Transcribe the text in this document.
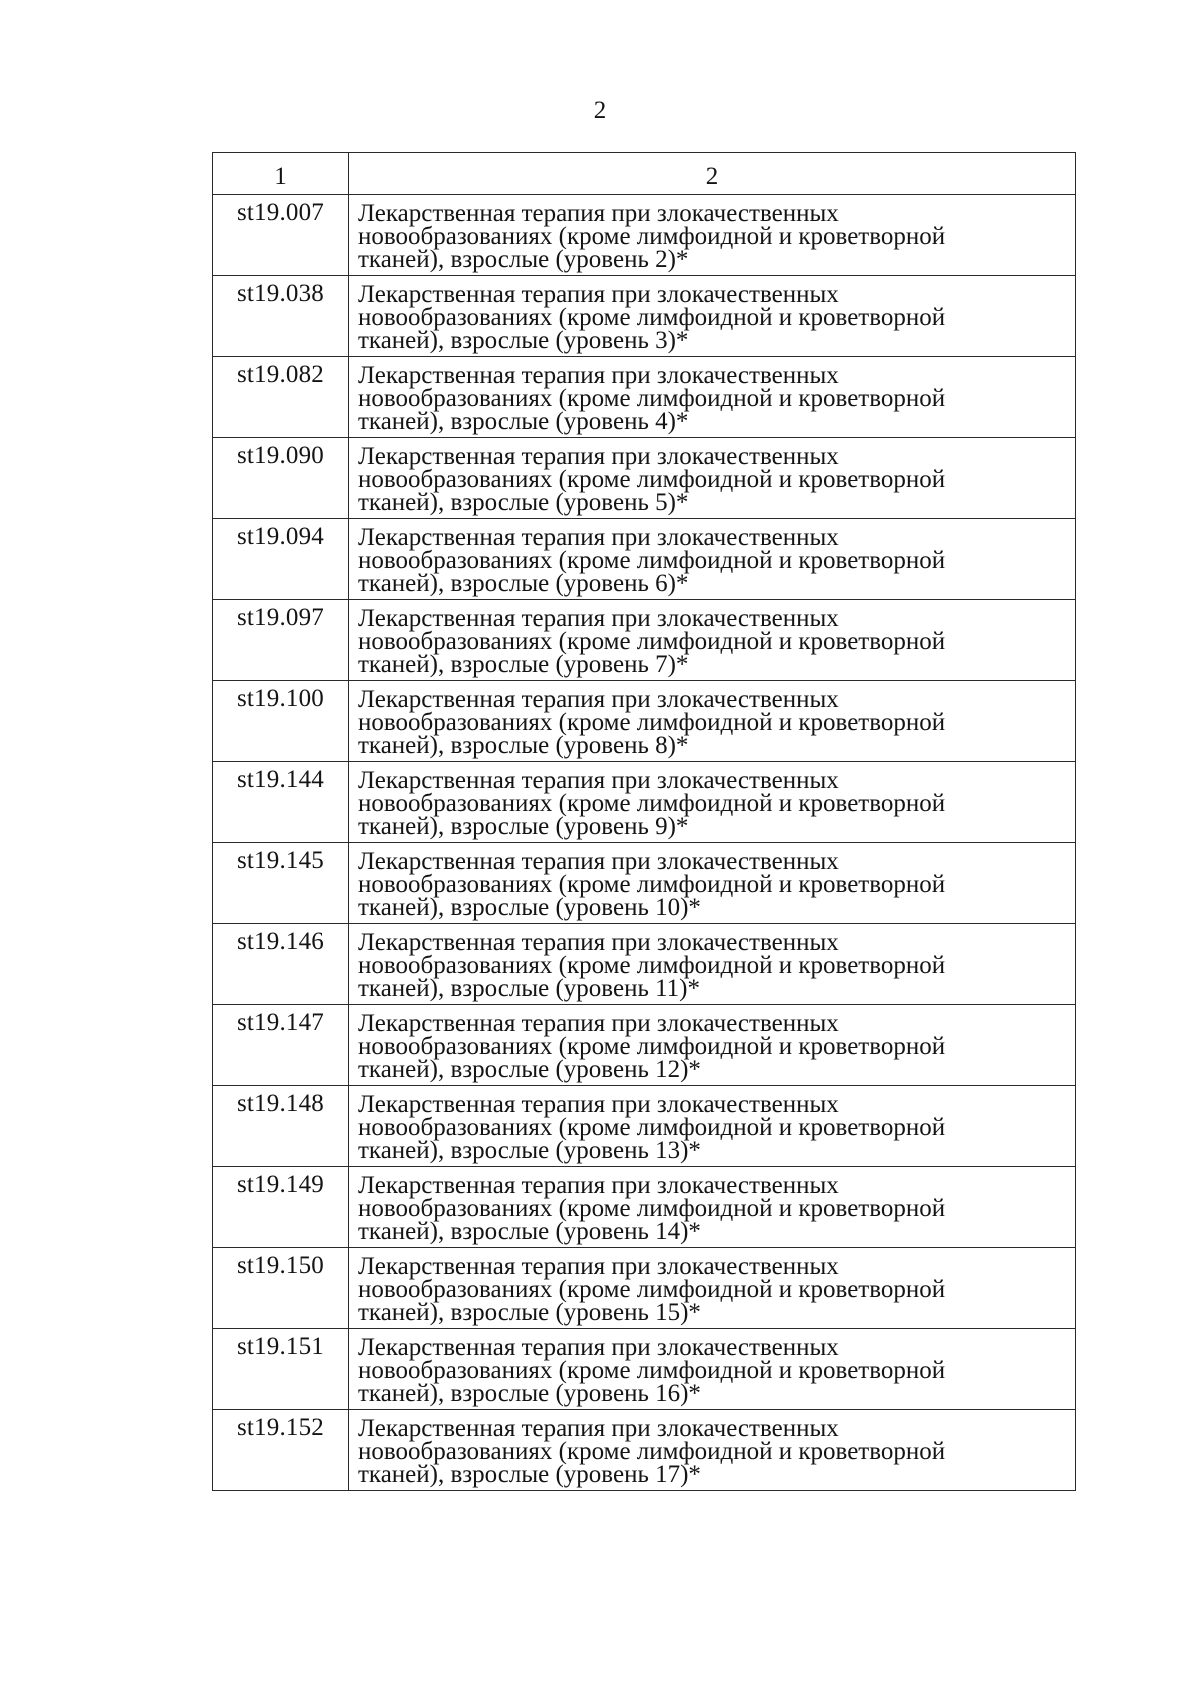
2
1	2
st19.007	Лекарственная терапия при злокачественных
новообразованиях (кроме лимфоидной и кроветворной
тканей), взрослые (уровень 2)*

st19.038	Лекарственная терапия при злокачественных
новообразованиях (кроме лимфоидной и кроветворной
тканей), взрослые (уровень 3)*

st19.082	Лекарственная терапия при злокачественных
новообразованиях (кроме лимфоидной и кроветворной
тканей), взрослые (уровень 4)*

st19.090	Лекарственная терапия при злокачественных
новообразованиях (кроме лимфоидной и кроветворной
тканей), взрослые (уровень 5)*

st19.094	Лекарственная терапия при злокачественных
новообразованиях (кроме лимфоидной и кроветворной
тканей), взрослые (уровень 6)*

st19.097	Лекарственная терапия при злокачественных
новообразованиях (кроме лимфоидной и кроветворной
тканей), взрослые (уровень 7)*

st19.100	Лекарственная терапия при злокачественных
новообразованиях (кроме лимфоидной и кроветворной
тканей), взрослые (уровень 8)*

st19.144	Лекарственная терапия при злокачественных
новообразованиях (кроме лимфоидной и кроветворной
тканей), взрослые (уровень 9)*

st19.145	Лекарственная терапия при злокачественных
новообразованиях (кроме лимфоидной и кроветворной
тканей), взрослые (уровень 10)*

st19.146	Лекарственная терапия при злокачественных
новообразованиях (кроме лимфоидной и кроветворной
тканей), взрослые (уровень 11)*

st19.147	Лекарственная терапия при злокачественных
новообразованиях (кроме лимфоидной и кроветворной
тканей), взрослые (уровень 12)*

st19.148	Лекарственная терапия при злокачественных
новообразованиях (кроме лимфоидной и кроветворной
тканей), взрослые (уровень 13)*

st19.149	Лекарственная терапия при злокачественных
новообразованиях (кроме лимфоидной и кроветворной
тканей), взрослые (уровень 14)*

st19.150	Лекарственная терапия при злокачественных
новообразованиях (кроме лимфоидной и кроветворной
тканей), взрослые (уровень 15)*

st19.151	Лекарственная терапия при злокачественных
новообразованиях (кроме лимфоидной и кроветворной
тканей), взрослые (уровень 16)*

st19.152	Лекарственная терапия при злокачественных
новообразованиях (кроме лимфоидной и кроветворной
тканей), взрослые (уровень 17)*
